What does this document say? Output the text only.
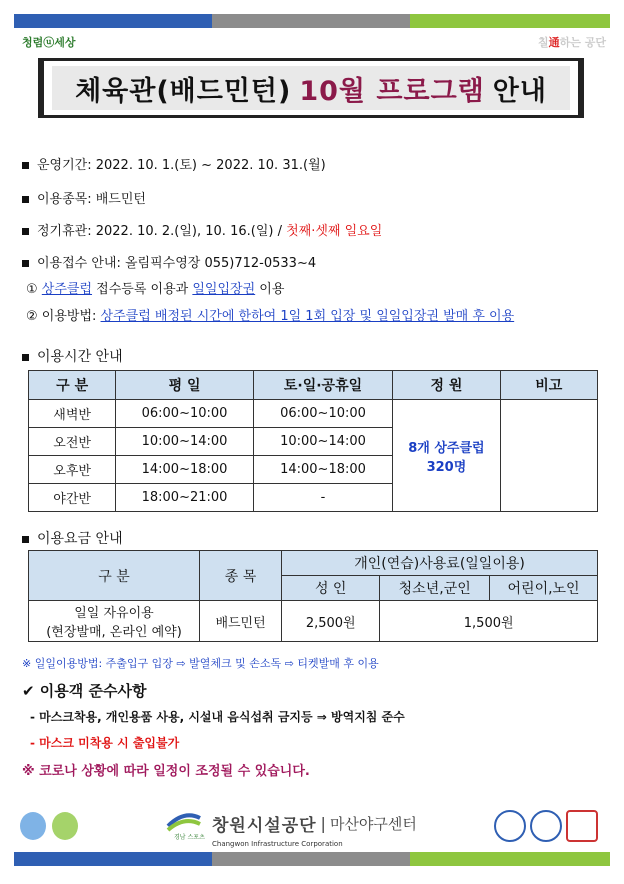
청렴ⓤ세상	칠通하는 공단
체육관(배드민턴) 10월 프로그램 안내
운영기간: 2022. 10. 1.(토) ~ 2022. 10. 31.(월)
이용종목: 배드민턴
정기휴관: 2022. 10. 2.(일), 10. 16.(일) / 첫째·셋째 일요일
이용접수 안내: 올림픽수영장 055)712-0533~4
① 상주클럽 접수등록 이용과 일일입장권 이용
② 이용방법: 상주클럽 배정된 시간에 한하여 1일 1회 입장 및 일일입장권 발매 후 이용
이용시간 안내
구 분	평 일	토·일·공휴일	정 원	비고
새벽반	06:00~10:00	06:00~10:00	8개 상주클럽
320명	

오전반	10:00~14:00	10:00~14:00		
오후반	14:00~18:00	14:00~18:00		
야간반	18:00~21:00	-		
이용요금 안내
구 분	종 목	개인(연습)사용료(일일이용)		
		성 인	청소년,군인	어린이,노인

일일 자유이용
(현장발매, 온라인 예약)	배드민턴	2,500원	1,500원	
※ 일일이용방법: 주출입구 입장 ⇨ 발열체크 및 손소독 ⇨ 티켓발매 후 이용
✔ 이용객 준수사항
- 마스크착용, 개인용품 사용, 시설내 음식섭취 금지등 ⇒ 방역지침 준수
- 마스크 미착용 시 출입불가
※ 코로나 상황에 따라 일정이 조정될 수 있습니다.
경남 스포츠
창원시설공단 | 마산야구센터
Changwon Infrastructure Corporation
